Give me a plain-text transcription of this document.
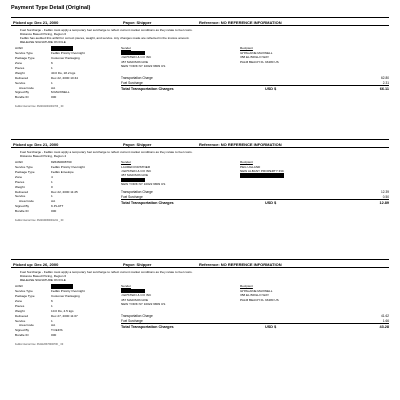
Payment Type Detail (Original)
Picked up: Dec 21, 2000	Payor: Shipper	Reference: NO REFERENCE INFORMATION
Fuel Surcharge - FedEx must apply a temporary fuel surcharge to reflect current market conditions as they relate to fuel costs.
Distance Based Pricing, Region 6
FedEx has audited this airbill for correct pieces, weight, and service. Any changes made are reflected in the invoice amount.
RELEASE SIGNATURE ON FILE
Airbill
Service Type	FedEx Priority Overnight
Package Type	Customer Packaging
Zone	6
Pieces	1
Weight	40.0 lbs, 18.2 kgs
Delivered	Dec 22, 2000 10:44
Service	1
Area Code	AA
Signed By	M.MAXWELL
Bundle ID	000
Sender
J EPSTEIN & CO INC
457 MADISON AVE
NEW YORK NY 10022 6809 US
Recipient
GHISLAINE MAXWELL
358 EL BRILLO WAY
PALM BEACH FL 33480 US
Transportation Charge	62.80
Fuel Surcharge	2.31
Total Transportation Charges	USD $	66.11
FedEx Internal Use: 3622041001001706 _ 00
Picked up: Dec 21, 2000	Payor: Shipper	Reference: NO REFERENCE INFORMATION
Fuel Surcharge - FedEx must apply a temporary fuel surcharge to reflect current market conditions as they relate to fuel costs.
Distance Based Pricing, Region 4
Airbill	826460008760
Service Type	FedEx Priority Overnight
Package Type	FedEx Envelope
Zone	4
Pieces	1
Weight	0
Delivered	Dec 22, 2000 11:25
Service	1
Area Code	AA
Signed By	K.PLATT
Bundle ID	000
Sender
LAUREN KIRSTNER
J EPSTEIN & CO INC
457 MADISON AVE
NEW YORK NY 10022 6809 US
Recipient
PEG UGLAND
NEW ALBANY PROPERTY INC
Transportation Charge	12.39
Fuel Surcharge	0.50
Total Transportation Charges	USD $	12.89
FedEx Internal Use: 3622040060001241 _ 00
Picked up: Dec 26, 2000	Payor: Shipper	Reference: NO REFERENCE INFORMATION
Fuel Surcharge - FedEx must apply a temporary fuel surcharge to reflect current market conditions as they relate to fuel costs.
Distance Based Pricing, Region 6
RELEASE SIGNATURE ON FILE
Airbill
Service Type	FedEx Priority Overnight
Package Type	Customer Packaging
Zone	6
Pieces	1
Weight	10.0 lbs, 4.5 kgs
Delivered	Dec 27, 2000 11:07
Service	1
Area Code	AA
Signed By	T.CEFIS
Bundle ID	000
Sender
J EPSTEIN & CO INC
457 MADISON AVE
NEW YORK NY 10022 6809 US
Recipient
GHISLAINE MAXWELL
358 EL BRILLO WAY
PALM BEACH FL 33480 US
Transportation Charge	41.62
Fuel Surcharge	1.66
Total Transportation Charges	USD $	43.28
FedEx Internal Use: 3641126376000706 _ 00
